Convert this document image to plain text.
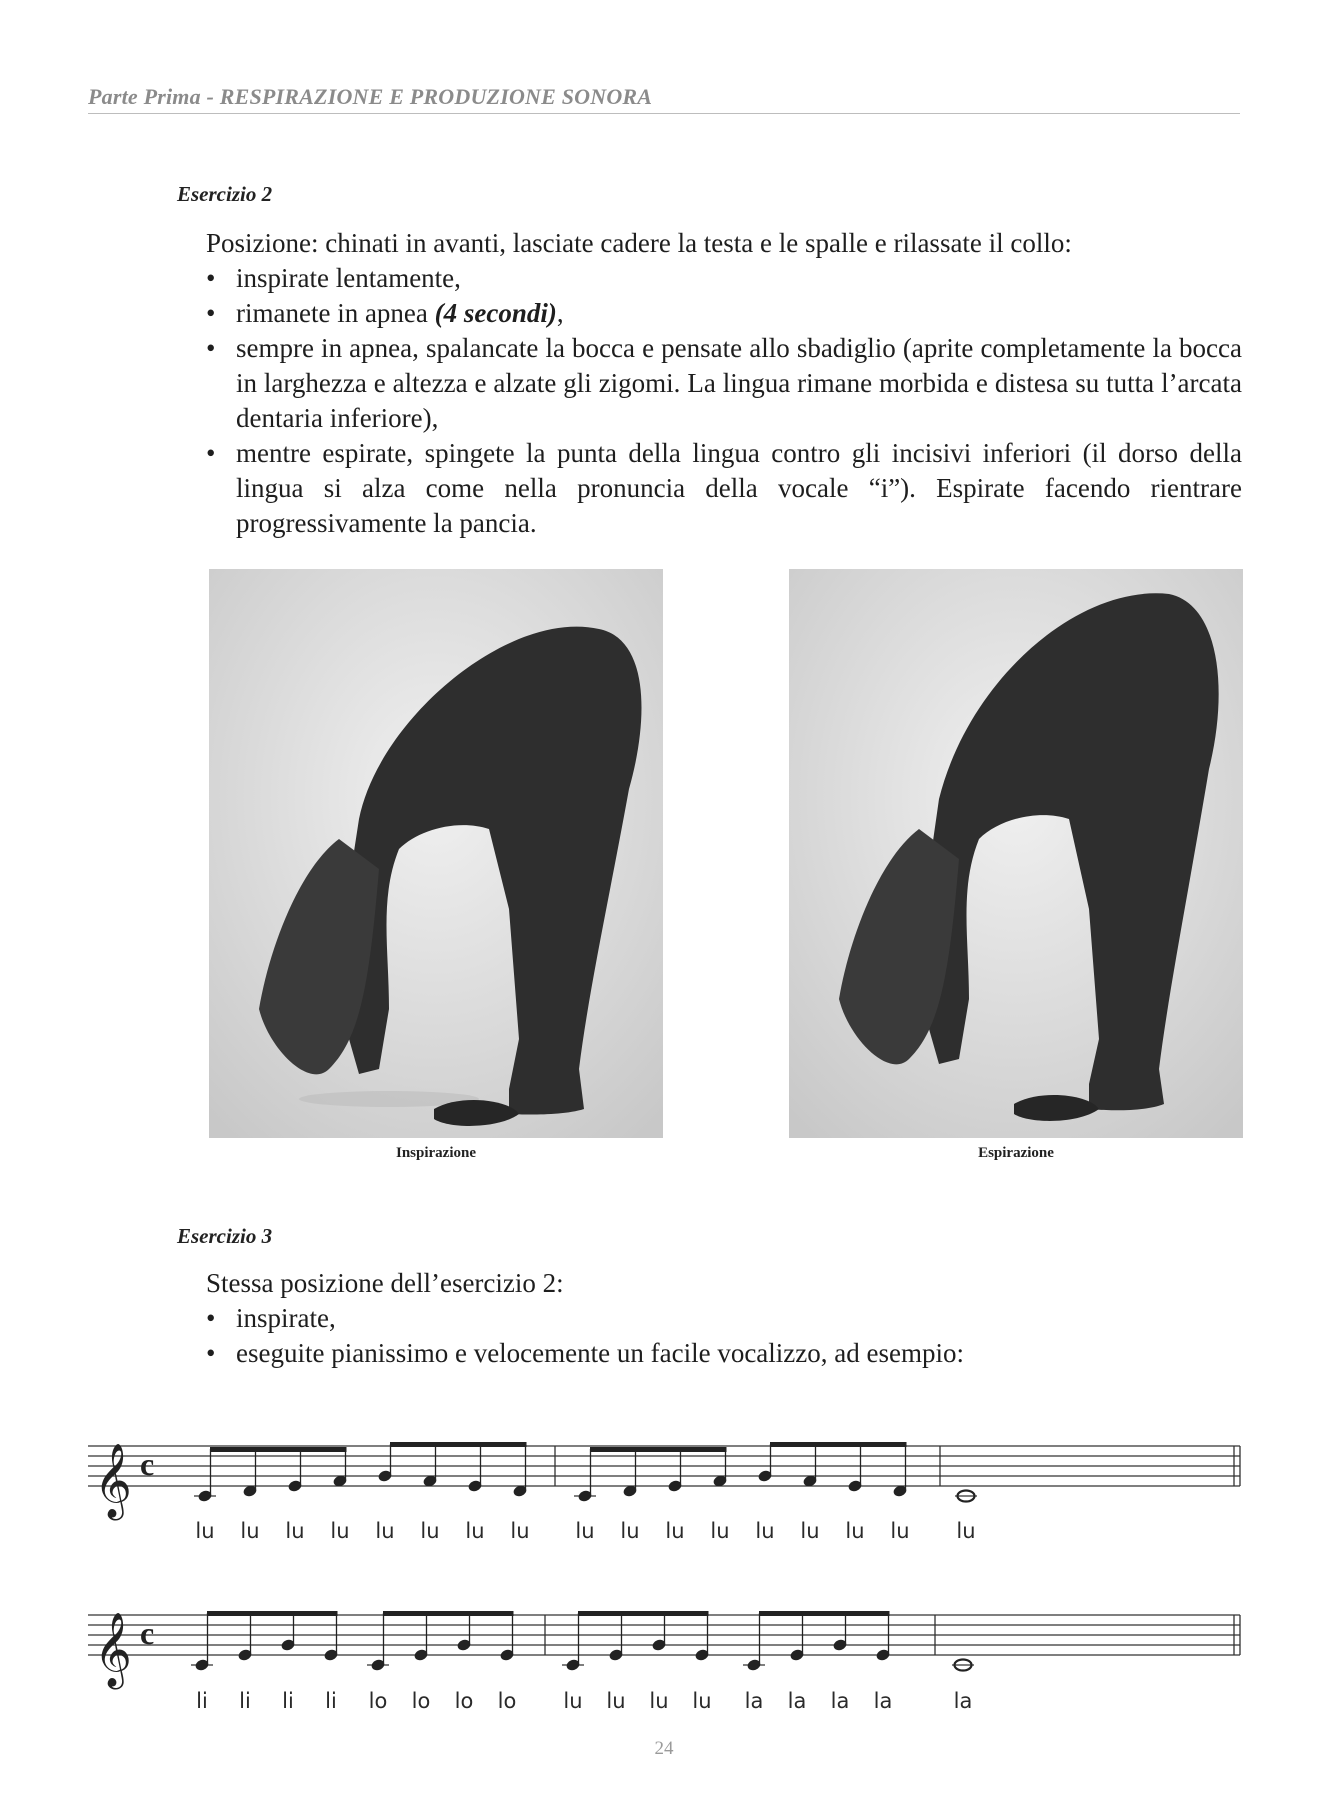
Parte Prima - RESPIRAZIONE E PRODUZIONE SONORA
Esercizio 2

Posizione: chinati in avanti, lasciate cadere la testa e le spalle e rilassate il collo:

• inspirate lentamente,
• rimanete in apnea (4 secondi),
• sempre in apnea, spalancate la bocca e pensate allo sbadiglio (aprite completamente la bocca in larghezza e altezza e alzate gli zigomi. La lingua rimane morbida e distesa su tutta l’arcata dentaria inferiore),
• mentre espirate, spingete la punta della lingua contro gli incisivi inferiori (il dorso della lingua si alza come nella pronuncia della vocale “i”). Espirate facendo rientrare progressivamente la pancia.
Inspirazione	Espirazione
Esercizio 3

Stessa posizione dell’esercizio 2:

• inspirate,
• eseguite pianissimo e velocemente un facile vocalizzo, ad esempio:
𝄞 c
lu lu lu lu lu lu lu lu lu lu lu lu lu lu lu lu lu
𝄞 c
li li li li lo lo lo lo lu lu lu lu la la la la	la
24
